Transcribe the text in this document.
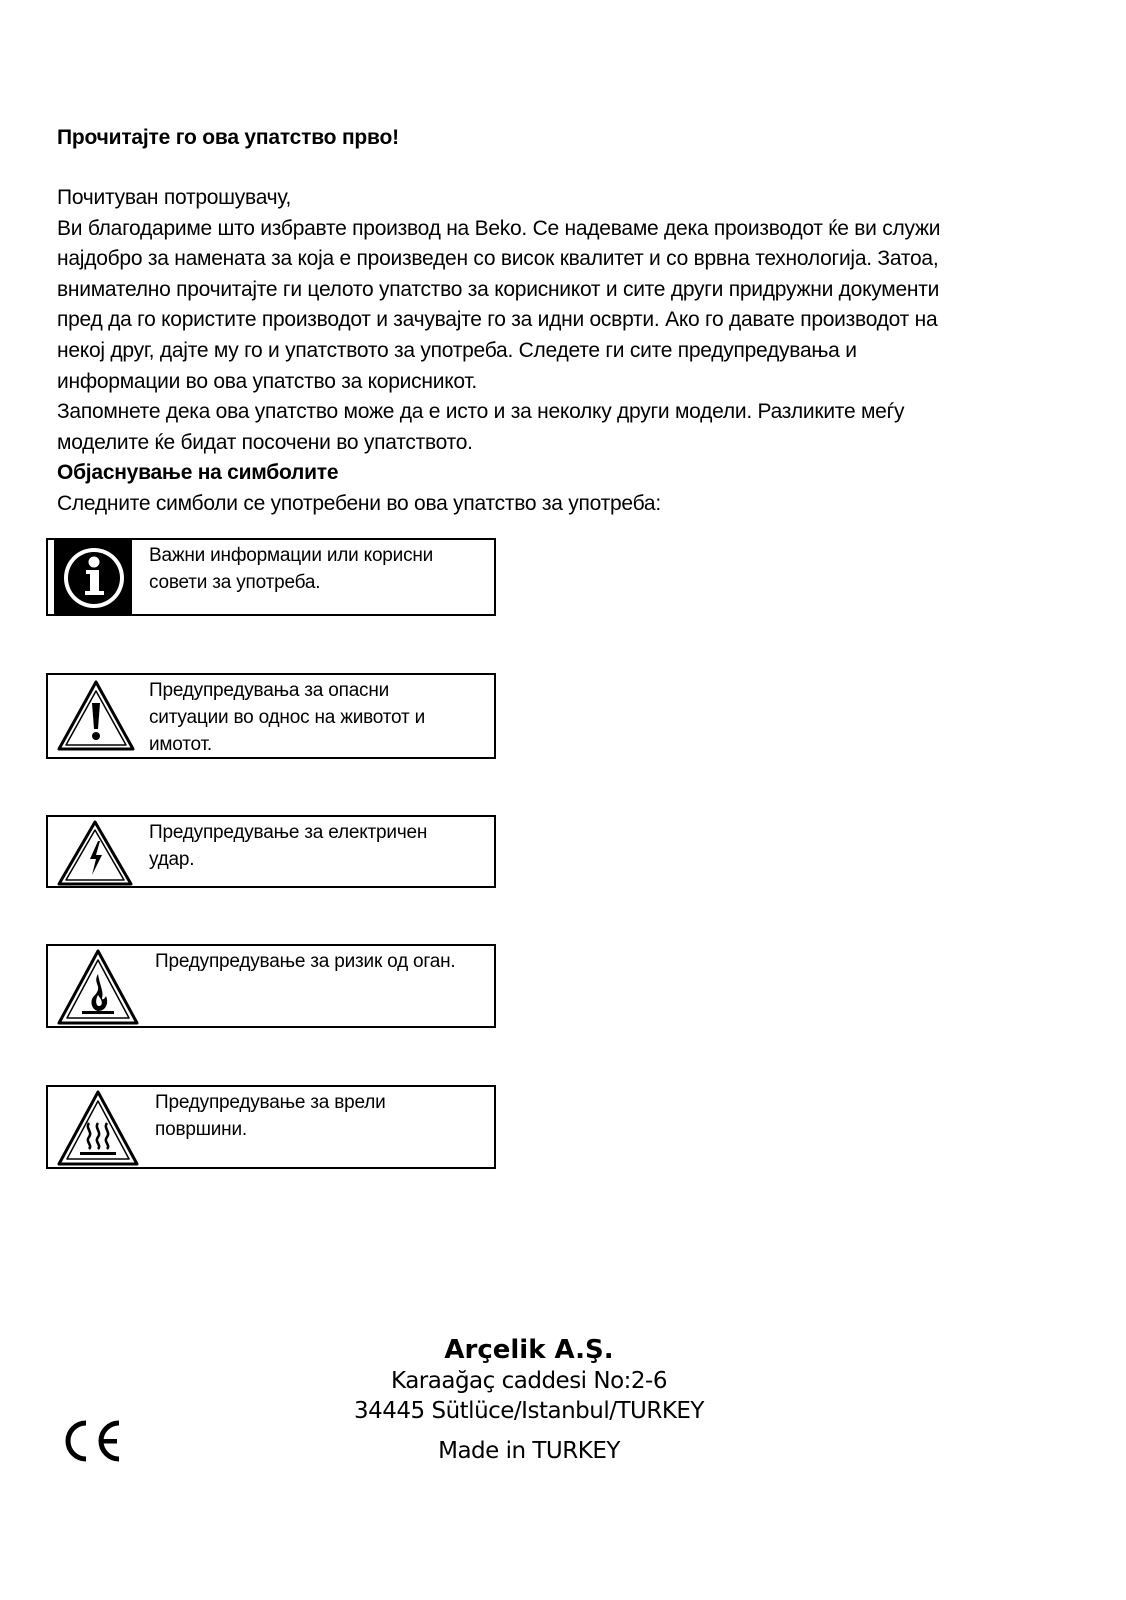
Прочитајте го ова упатство прво!

Почитуван потрошувачу,

Ви благодариме што избравте производ на Beko. Се надеваме дека производот ќе ви служи

најдобро за намената за која е произведен со висок квалитет и со врвна технологија. Затоа,

внимателно прочитајте ги целото упатство за корисникот и сите други придружни документи

пред да го користите производот и зачувајте го за идни осврти. Ако го давате производот на

некој друг, дајте му го и упатството за употреба. Следете ги сите предупредувања и

информации во ова упатство за корисникот.

Запомнете дека ова упатство може да е исто и за неколку други модели. Разликите меѓу

моделите ќе бидат посочени во упатството.

Објаснување на симболите

Следните симболи се употребени во ова упатство за употреба:

Важни информации или корисни

совети за употреба.

Предупредувања за опасни

ситуации во однос на животот и

имотот.

Предупредување за електричен

удар.

Предупредување за ризик од оган.

Предупредување за врели

површини.

Arçelik A.Ş.

Karaağaç caddesi No:2-6

34445 Sütlüce/Istanbul/TURKEY

Made in TURKEY
